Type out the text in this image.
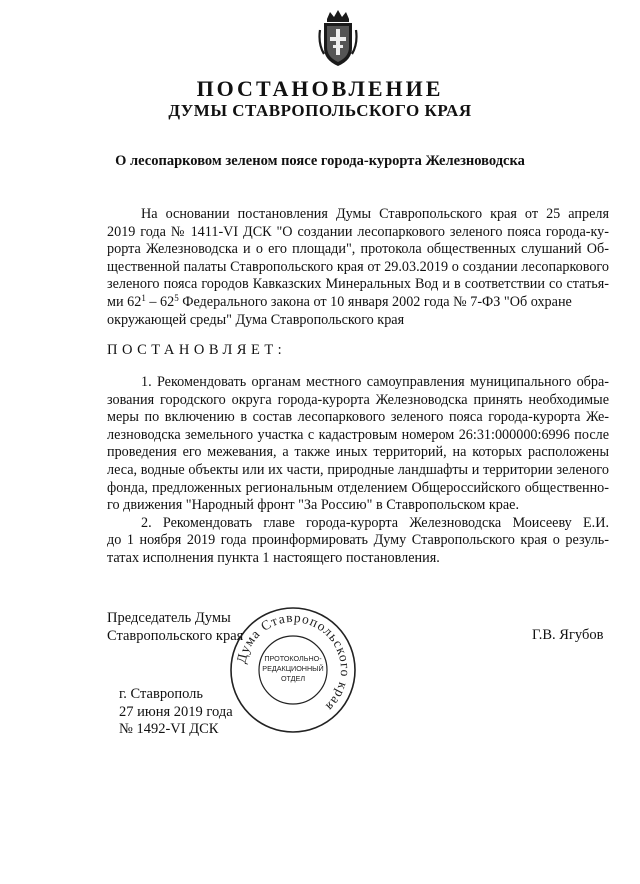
ПОСТАНОВЛЕНИЕ
ДУМЫ СТАВРОПОЛЬСКОГО КРАЯ
О лесопарковом зеленом поясе города-курорта Железноводска
На основании постановления Думы Ставропольского края от 25 апреля
2019 года № 1411-VI ДСК "О создании лесопаркового зеленого пояса города-ку-
рорта Железноводска и о его площади", протокола общественных слушаний Об-
щественной палаты Ставропольского края от 29.03.2019 о создании лесопаркового
зеленого пояса городов Кавказских Минеральных Вод и в соответствии со статья-
ми $62^1 - 62^5$ Федерального закона от 10 января 2002 года № 7-ФЗ "Об охране
окружающей среды" Дума Ставропольского края
ПОСТАНОВЛЯЕТ:
1. Рекомендовать органам местного самоуправления муниципального обра-
зования городского округа города-курорта Железноводска принять необходимые
меры по включению в состав лесопаркового зеленого пояса города-курорта Же-
лезноводска земельного участка с кадастровым номером 26:31:000000:6996 после
проведения его межевания, а также иных территорий, на которых расположены
леса, водные объекты или их части, природные ландшафты и территории зеленого
фонда, предложенных региональным отделением Общероссийского общественно-
го движения "Народный фронт "За Россию" в Ставропольском крае.
2. Рекомендовать главе города-курорта Железноводска Моисееву Е.И.
до 1 ноября 2019 года проинформировать Думу Ставропольского края о резуль-
татах исполнения пункта 1 настоящего постановления.
Председатель Думы
Ставропольского края	Г.В. Ягубов
Дума Ставропольского края
ПРОТОКОЛЬНО-
РЕДАКЦИОННЫЙ
ОТДЕЛ
г. Ставрополь
27 июня 2019 года
№ 1492-VI ДСК
